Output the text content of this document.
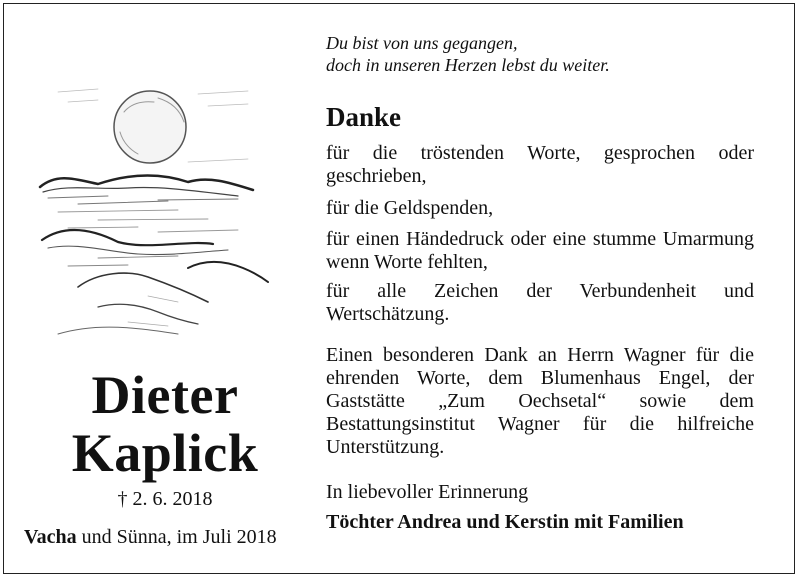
Dieter
Kaplick
† 2. 6. 2018
Vacha und Sünna, im Juli 2018
Du bist von uns gegangen,
doch in unseren Herzen lebst du weiter.
Danke
für die tröstenden Worte, gesprochen oder geschrieben,
für die Geldspenden,
für einen Händedruck oder eine stumme Umarmung wenn Worte fehlten,
für alle Zeichen der Verbundenheit und Wertschätzung.
Einen besonderen Dank an Herrn Wagner für die ehrenden Worte, dem Blumenhaus Engel, der Gaststätte „Zum Oechsetal“ sowie dem Bestattungsinstitut Wagner für die hilfreiche Unterstützung.
In liebevoller Erinnerung
Töchter Andrea und Kerstin mit Familien
